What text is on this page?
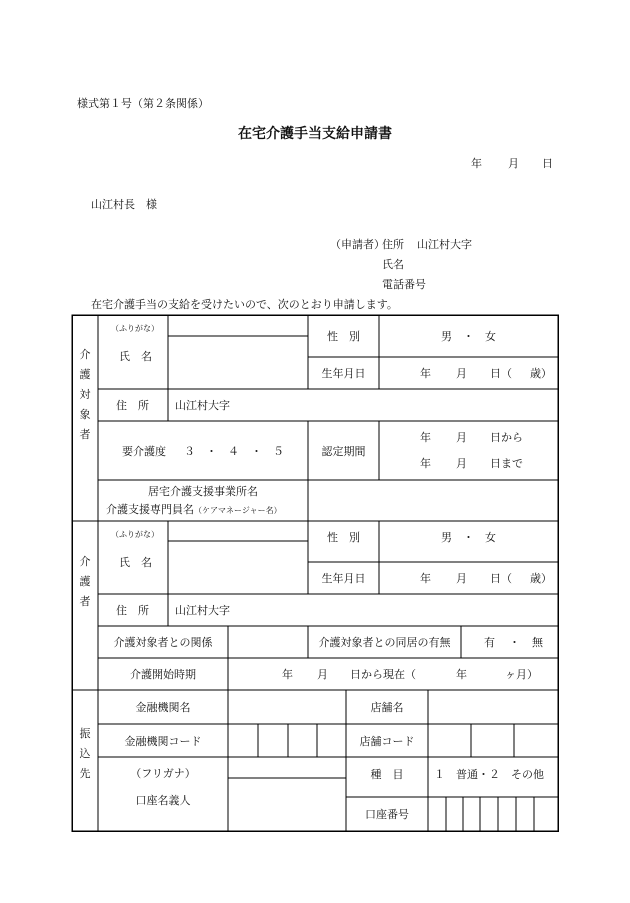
様式第１号（第２条関係）
在宅介護手当支給申請書
年 月 日
山江村長　様
（申請者）
住所 山江村大字
氏名
電話番号
在宅介護手当の支給を受けたいので、次のとおり申請します。
介
護
対
象
者
（ふりがな）
氏　名
性　別	男　・　女
生年月日	年 月 日（ 歳）
住　所 山江村大字
要介護度 ３ ・ ４ ・ ５	認定期間
年 月 日から
年 月 日まで
居宅介護支援事業所名
介護支援専門員名（ケアマネージャー名）
介
護
者
（ふりがな）
氏　名
性　別	男　・　女
生年月日	年 月 日（ 歳）
住　所 山江村大字
介護対象者との関係	介護対象者との同居の有無	有 ・ 無
介護開始時期	年 月 日から現在（	年	ヶ月）
振
込
先
金融機関名	店舗名
金融機関コード	店舗コード
（フリガナ）
口座名義人
種　目	１　普通・２　その他
口座番号
